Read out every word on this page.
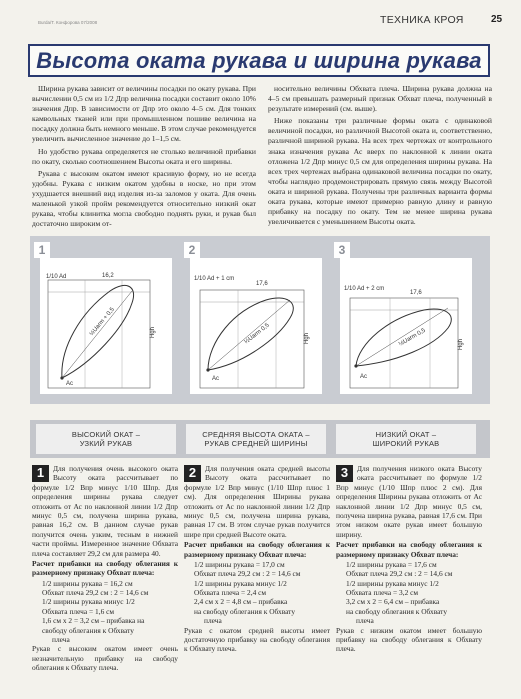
Burda/Т. Конфорова 07/2008	ТЕХНИКА КРОЯ	25
Высота оката рукава и ширина рукава

Ширина рукава зависит от величины посадки по окату рукава. При вычислении 0,5 см из 1/2 Дпр величина посадки составит около 10% значения Дпр. В зависимости от Дпр это около 4–5 см. Для тонких камвольных тканей или при промышленном пошиве величина на посадку должна быть немного меньше. В этом случае рекомендуется увеличить вычисленное значение до 1–1,5 см.

Но удобство рукава определяется не столько величиной прибавки по окату, сколько соотношением Высоты оката и его ширины.

Рукава с высоким окатом имеют красивую форму, но не всегда удобны. Рукава с низким окатом удобны в носке, но при этом ухудшается внешний вид изделия из-за заломов у оката. Для очень маленькой узкой пройм рекомендуется относительно низкий окат рукава, чтобы клинитка могла свободно поднять руки, и рукав был достаточно широким от-

носительно величины Обхвата плеча. Ширина рукава должна на 4–5 см превышать размерный признак Обхват плеча, полученный в результате измерений (см. выше).

Ниже показаны три различные формы оката с одинаковой величиной посадки, но различной Высотой оката и, соответственно, различной шириной рукава. На всех трех чертежах от контрольного знака изначения рукава Ас вверх по наклонной к линии оката отложена 1/2 Дпр минус 0,5 см для определения ширины рукава. На всех трех чертежах выбрана одинаковой величина посадки по окату, чтобы наглядно продемонстрировать прямую связь между Высотой оката и шириной рукава. Получены три различных варианта формы оката рукава, которые имеют примерно равную длину и равную прибавку на посадку по окату. Тем не менее ширина рукава увеличивается с уменьшением Высоты оката.

1
1/10 Ad	16,2
½Uarm + 0,5	Hgh
Ac
2
1/10 Ad + 1 cm
17,6
½Uarm 0,5	Hgh
Ac
3
1/10 Ad + 2 cm
17,6
½Uarm 0,5	Hgh
Ac
ВЫСОКИЙ ОКАТ –
УЗКИЙ РУКАВ
СРЕДНЯЯ ВЫСОТА ОКАТА –
РУКАВ СРЕДНЕЙ ШИРИНЫ
НИЗКИЙ ОКАТ –
ШИРОКИЙ РУКАВ
1	Для получения очень высокого оката Высоту оката рассчитывает по формуле 1/2 Впр минус 1/10 Шпр. Для определения ширины рукава следует отложить от Ас по наклонной линии 1/2 Дпр минус 0,5 см, получена ширина рукава, равная 16,2 см. В данном случае рукав получится очень узким, тесным в нижней части проймы. Измеренное значение Обхвата плеча составляет 29,2 см для размера 40.

Расчет прибавки на свободу облегания к размерному признаку Обхват плеча:

1/2 ширины рукава = 16,2 см

Обхват плеча 29,2 см : 2 = 14,6 см

1/2 ширины рукава минус 1/2

Обхвата плеча = 1,6 см

1,6 см х 2 = 3,2 см – прибавка на

свободу облегания к Обхвату

плеча

Рукав с высоким окатом имеет очень незначительную прибавку на свободу облегания к Обхвату плеча.

2	Для получения оката средней высоты Высоту оката рассчитывает по формуле 1/2 Впр минус (1/10 Шпр плюс 1 см). Для определения Ширины рукава отложить от Ас по наклонной линии 1/2 Дпр минус 0,5 см, получена ширина рукава, равная 17 см. В этом случае рукав получится шире при средней Высоте оката.

Расчет прибавки на свободу облегания к размерному признаку Обхват плеча:

1/2 ширины рукава = 17,0 см

Обхват плеча 29,2 см : 2 = 14,6 см

1/2 ширины рукава минус 1/2

Обхвата плеча = 2,4 см

2,4 см х 2 = 4,8 см – прибавка

на свободу облегания к Обхвату

плеча

Рукав с окатом средней высоты имеет достаточную прибавку на свободу облегания к Обхвату плеча.

3	Для получения низкого оката Высоту оката рассчитывает по формуле 1/2 Впр минус (1/10 Шпр плюс 2 см). Для определения Ширины рукава отложить от Ас наклонной линии 1/2 Дпр минус 0,5 см, получена ширина рукава, равная 17,6 см. При этом низком окате рукав имеет большую ширину.

Расчет прибавки на свободу облегания к размерному признаку Обхват плеча:

1/2 ширины рукава = 17,6 см

Обхват плеча 29,2 см : 2 = 14,6 см

1/2 ширины рукава минус 1/2

Обхвата плеча = 3,2 см

3,2 см х 2 = 6,4 см – прибавка

на свободу облегания к Обхвату

плеча

Рукав с низким окатом имеет большую прибавку на свободу облегания к Обхвату плеча.
